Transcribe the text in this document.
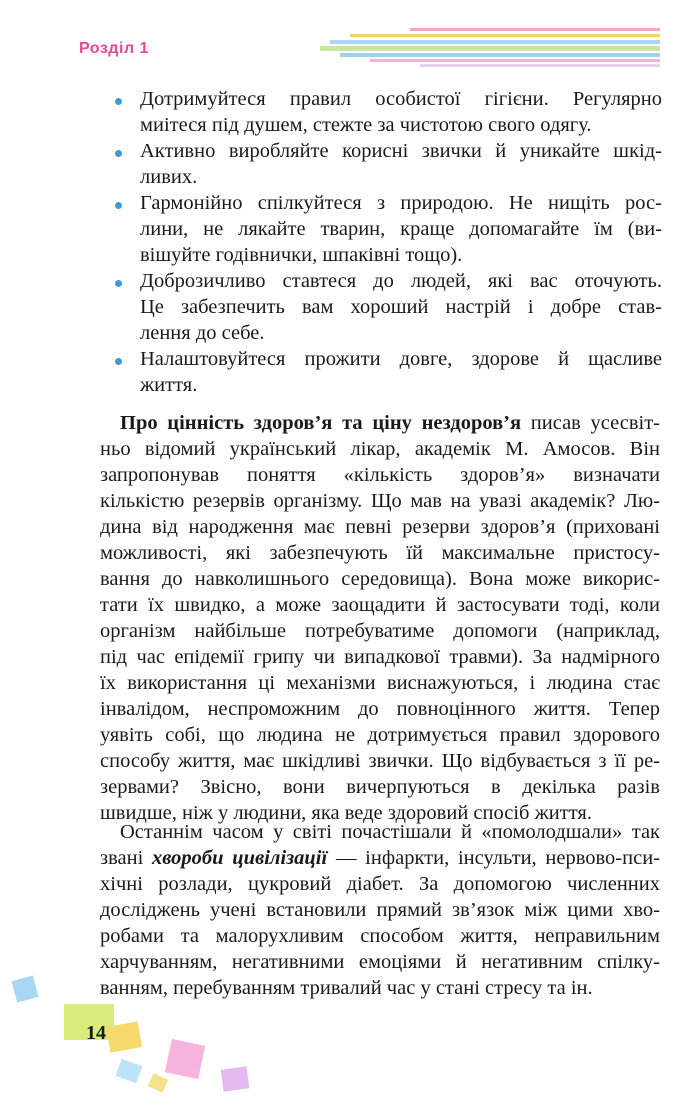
Розділ 1
Дотримуйтеся правил особистої гігієни. Регулярно
миітеся під душем, стежте за чистотою свого одягу.
Активно виробляйте корисні звички й уникайте шкід-
ливих.
Гармонійно спілкуйтеся з природою. Не нищіть рос-
лини, не лякайте тварин, краще допомагайте їм (ви-
вішуйте годівнички, шпаківні тощо).
Доброзичливо ставтеся до людей, які вас оточують.
Це забезпечить вам хороший настрій і добре став-
лення до себе.
Налаштовуйтеся прожити довге, здорове й щасливе
життя.
Про цінність здоров’я та ціну нездоров’я писав усесвіт-
ньо відомий український лікар, академік М. Амосов. Він
запропонував поняття «кількість здоров’я» визначати
кількістю резервів організму. Що мав на увазі академік? Лю-
дина від народження має певні резерви здоров’я (приховані
можливості, які забезпечують їй максимальне пристосу-
вання до навколишнього середовища). Вона може викорис-
тати їх швидко, а може заощадити й застосувати тоді, коли
організм найбільше потребуватиме допомоги (наприклад,
під час епідемії грипу чи випадкової травми). За надмірного
їх використання ці механізми виснажуються, і людина стає
інвалідом, неспроможним до повноцінного життя. Тепер
уявіть собі, що людина не дотримується правил здорового
способу життя, має шкідливі звички. Що відбувається з її ре-
зервами? Звісно, вони вичерпуються в декілька разів
швидше, ніж у людини, яка веде здоровий спосіб життя.
Останнім часом у світі почастішали й «помолодшали» так
звані хвороби цивілізації — інфаркти, інсульти, нервово-пси-
хічні розлади, цукровий діабет. За допомогою численних
досліджень учені встановили прямий зв’язок між цими хво-
робами та малорухливим способом життя, неправильним
харчуванням, негативними емоціями й негативним спілку-
ванням, перебуванням тривалий час у стані стресу та ін.
14
